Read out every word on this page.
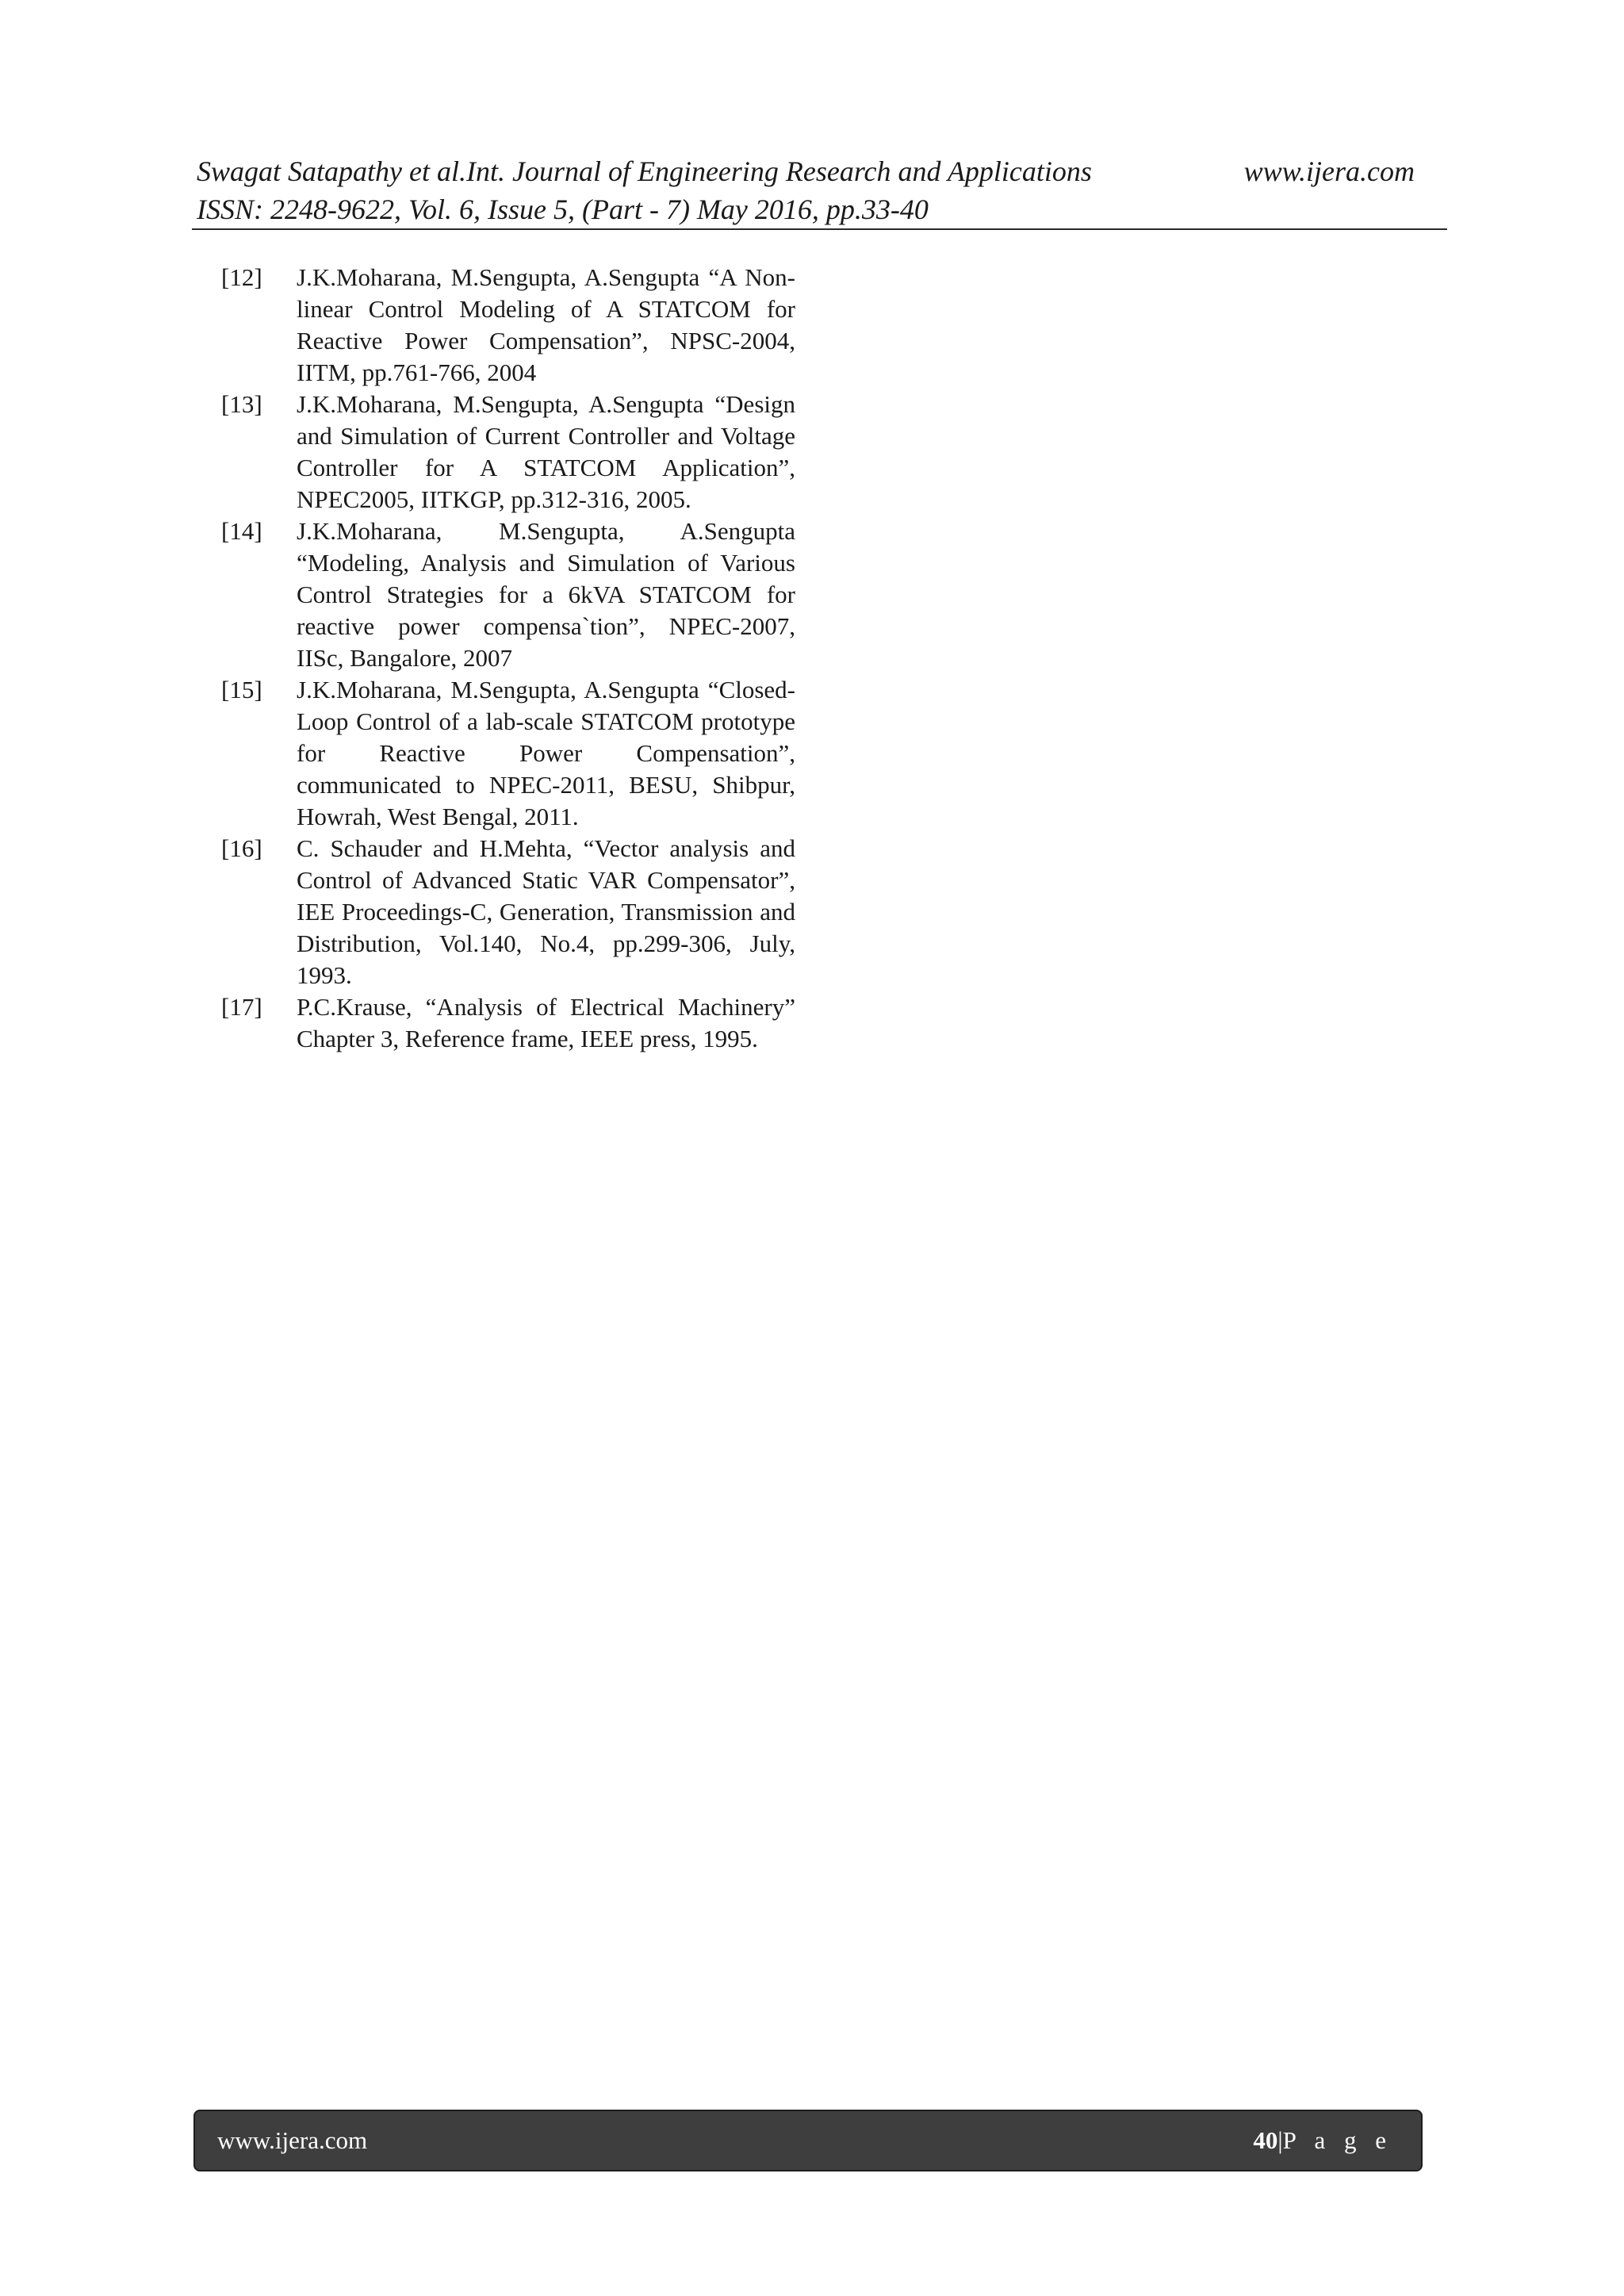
Swagat Satapathy et al.Int. Journal of Engineering Research and Applications	www.ijera.com
ISSN: 2248-9622, Vol. 6, Issue 5, (Part - 7) May 2016, pp.33-40
[12]	J.K.Moharana, M.Sengupta, A.Sengupta “A Non-linear Control Modeling of A STATCOM for Reactive Power Compensation”, NPSC-2004, IITM, pp.761-766, 2004
[13]	J.K.Moharana, M.Sengupta, A.Sengupta “Design and Simulation of Current Controller and Voltage Controller for A STATCOM Application”, NPEC2005, IITKGP, pp.312-316, 2005.
[14]	J.K.Moharana, M.Sengupta, A.Sengupta “Modeling, Analysis and Simulation of Various Control Strategies for a 6kVA STATCOM for reactive power compensa`tion”, NPEC-2007, IISc, Bangalore, 2007
[15]	J.K.Moharana, M.Sengupta, A.Sengupta “Closed-Loop Control of a lab-scale STATCOM prototype for Reactive Power Compensation”, communicated to NPEC-2011, BESU, Shibpur, Howrah, West Bengal, 2011.
[16]	C. Schauder and H.Mehta, “Vector analysis and Control of Advanced Static VAR Compensator”, IEE Proceedings-C, Generation, Transmission and Distribution, Vol.140, No.4, pp.299-306, July, 1993.
[17]	P.C.Krause, “Analysis of Electrical Machinery” Chapter 3, Reference frame, IEEE press, 1995.
www.ijera.com	40|P a g e
